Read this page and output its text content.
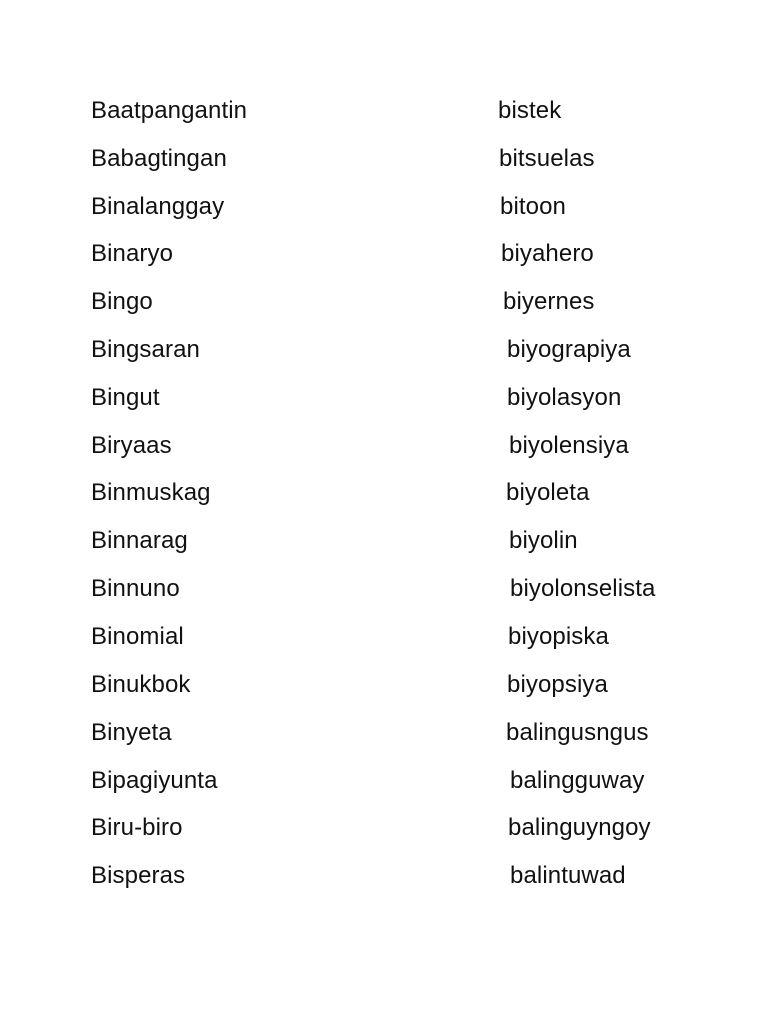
Baatpangantin
Babagtingan
Binalanggay
Binaryo
Bingo
Bingsaran
Bingut
Biryaas
Binmuskag
Binnarag
Binnuno
Binomial
Binukbok
Binyeta
Bipagiyunta
Biru-biro
Bisperas
bistek
bitsuelas
bitoon
biyahero
biyernes
biyograpiya
biyolasyon
biyolensiya
biyoleta
biyolin
biyolonselista
biyopiska
biyopsiya
balingusngus
balingguway
balinguyngoy
balintuwad
